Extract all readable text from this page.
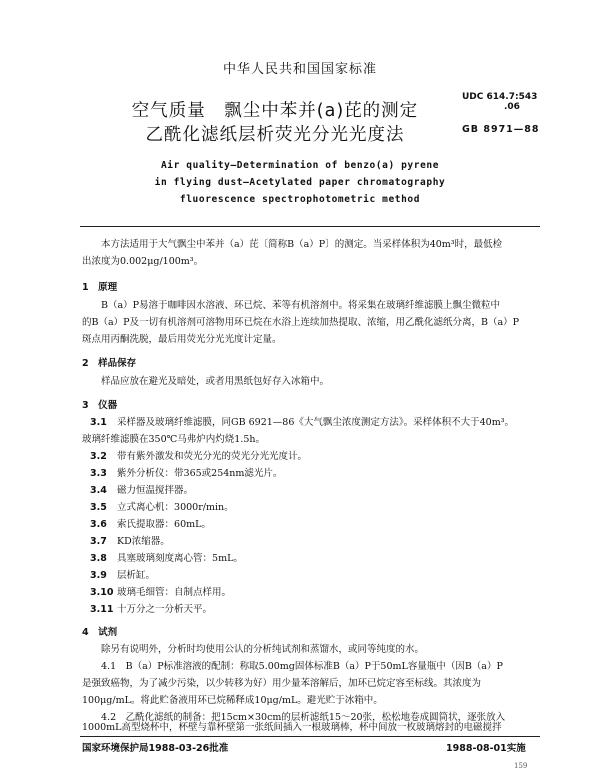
中华人民共和国国家标准
空气质量　飘尘中苯并(a)芘的测定
乙酰化滤纸层析荧光分光光度法
UDC 614.7:543
.06
GB 8971—88
Air quality—Determination of benzo(a) pyrene
in flying dust—Acetylated paper chromatography
fluorescence spectrophotometric method
本方法适用于大气飘尘中苯并（a）芘〔简称B（a）P〕的测定。当采样体积为40m³时，最低检
出浓度为0.002μg/100m³。
1　原理
B（a）P易溶于咖啡因水溶液、环已烷、苯等有机溶剂中。将采集在玻璃纤维滤膜上飘尘微粒中
的B（a）P及一切有机溶剂可溶物用环已烷在水浴上连续加热提取、浓缩，用乙酰化滤纸分离，B（a）P
斑点用丙酮洗脱，最后用荧光分光光度计定量。
2　样品保存
样品应放在避光及暗处，或者用黑纸包好存入冰箱中。
3　仪器
3.1 采样器及玻璃纤维滤膜，同GB 6921—86《大气飘尘浓度测定方法》。采样体积不大于40m³。
玻璃纤维滤膜在350℃马弗炉内灼烧1.5h。
3.2 带有紫外激发和荧光分光的荧光分光光度计。
3.3 紫外分析仪：带365或254nm滤光片。
3.4 磁力恒温搅拌器。
3.5 立式离心机：3000r/min。
3.6 索氏提取器：60mL。
3.7 KD浓缩器。
3.8 具塞玻璃刻度离心管：5mL。
3.9 层析缸。
3.10 玻璃毛细管：自制点样用。
3.11 十万分之一分析天平。
4　试剂
除另有说明外，分析时均使用公认的分析纯试剂和蒸馏水，或同等纯度的水。
4.1　B（a）P标准溶液的配制：称取5.00mg固体标准B（a）P于50mL容量瓶中（因B（a）P
是强致癌物，为了减少污染，以少转移为好）用少量苯溶解后，加环已烷定容至标线。其浓度为
100μg/mL。将此贮备液用环已烷稀释成10μg/mL。避光贮于冰箱中。
4.2　乙酰化滤纸的制备：把15cm×30cm的层析滤纸15～20张，松松地卷成圆筒状，逐张放入
1000mL高型烧杯中，杯壁与靠杯壁第一张纸间插入一根玻璃棒，杯中间放一枚玻璃熔封的电磁搅拌
国家环境保护局1988-03-26批准	1988-08-01实施
159
